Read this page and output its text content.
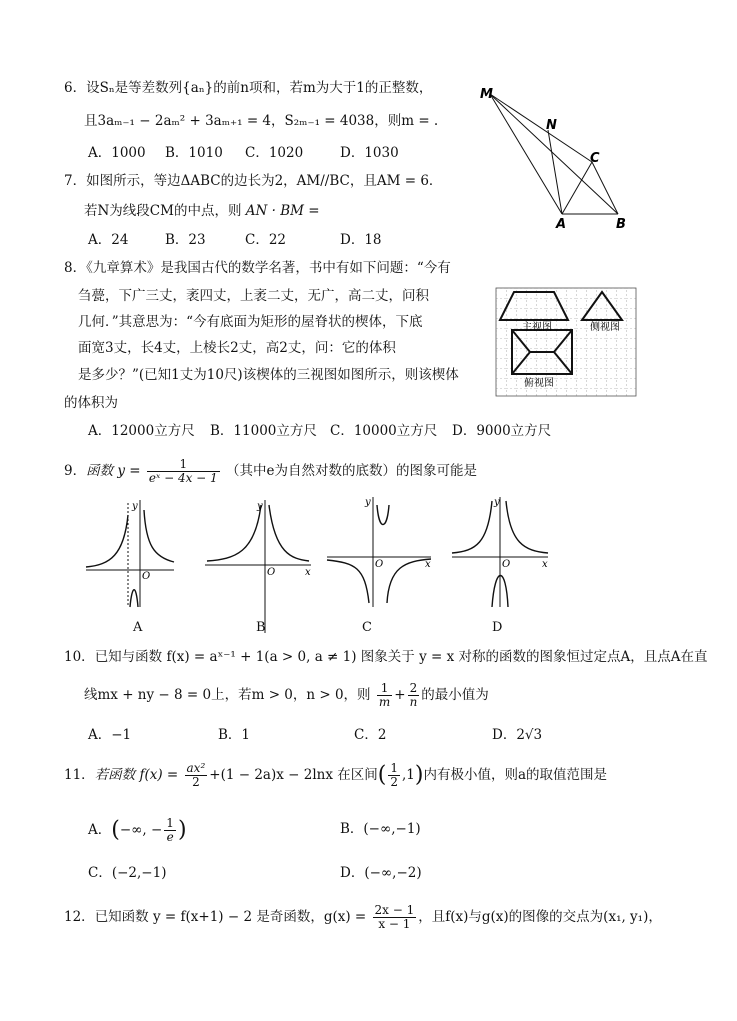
6．设Sₙ是等差数列{aₙ}的前n项和，若m为大于1的正整数，
且3aₘ₋₁ − 2aₘ² + 3aₘ₊₁ = 4，S₂ₘ₋₁ = 4038，则m = .
A．1000 B．1010 C．1020	D．1030
7．如图所示，等边ΔABC的边长为2，AM//BC，且AM = 6．
若N为线段CM的中点，则 AN · BM =
A．24	B．23	C．22	D．18
M
N
C
A	B
8．《九章算术》是我国古代的数学名著，书中有如下问题：“今有
刍甍，下广三丈，袤四丈，上袤二丈，无广，高二丈，问积
几何．”其意思为：“今有底面为矩形的屋脊状的楔体，下底
面宽3丈，长4丈，上棱长2丈，高2丈，问：它的体积
是多少？”(已知1丈为10尺)该楔体的三视图如图所示，则该楔体
的体积为
A．12000立方尺 B．11000立方尺 C．10000立方尺 D．9000立方尺
主视图	侧视图
俯视图
9．函数 $y = \frac{1}{\text{eˣ − 4x − 1}}$ （其中e为自然对数的底数）的图象可能是
y
O
A
y
x
O
B
y
x
O
C
y
x
O
D
10．已知与函数 f(x) = aˣ⁻¹ + 1(a > 0, a ≠ 1) 图象关于 y = x 对称的函数的图象恒过定点A，且点A在直
线mx + ny − 8 = 0上，若m > 0，n > 0，则 $\frac{1}{m} + \frac{2}{n}$ 的最小值为
A．−1	B．1	C．2	D．2√3
11．若函数 $f(x) = \frac{\text{ax²}}{2} +(1 - 2a)x - 2\ln x$ 在区间( $\frac{1}{2} ,1$)内有极小值，则a的取值范围是
A．(−∞, − $\frac{1}{e}$ )	B．(−∞,−1)
C．(−2,−1)	D．(−∞,−2)
12．已知函数 y = f(x+1) − 2 是奇函数，$g(x) = \frac{2x - 1}{x - 1}$ ，且f(x)与g(x)的图像的交点为(x₁, y₁)，
